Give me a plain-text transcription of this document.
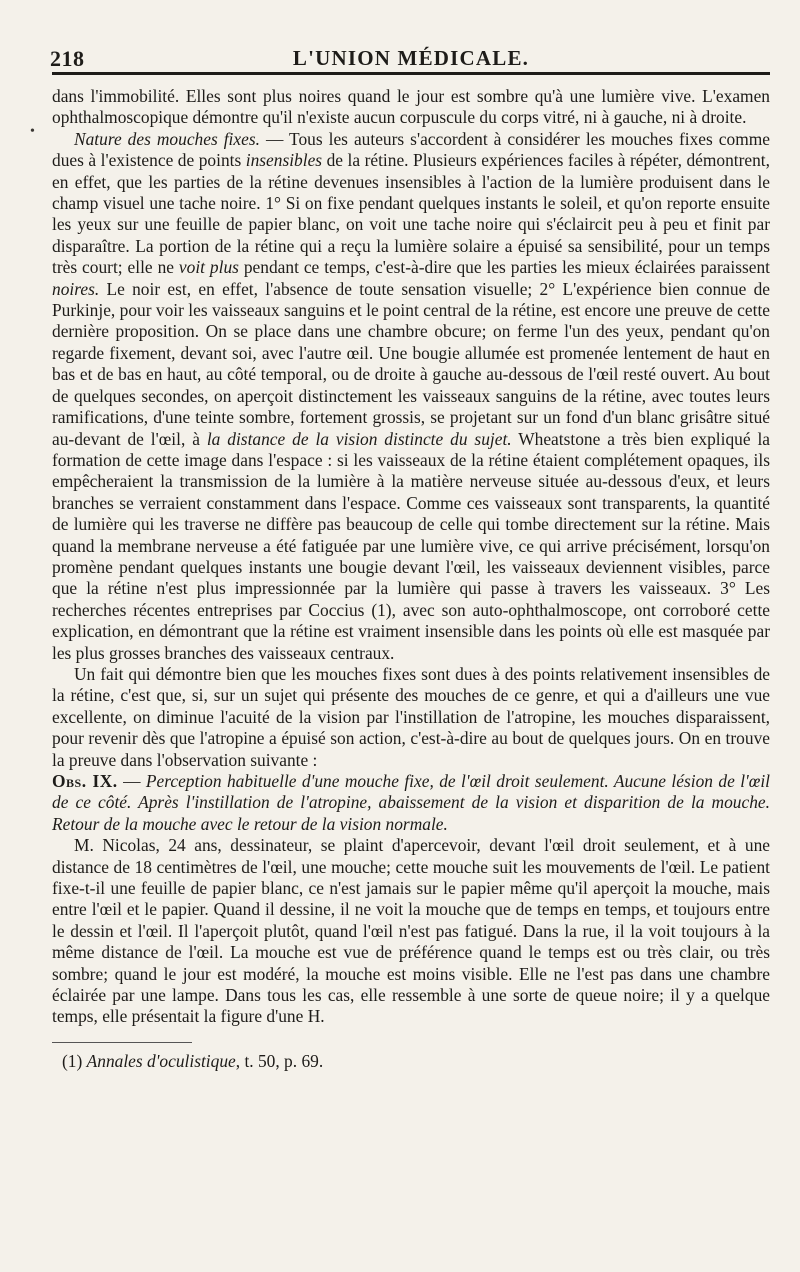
218	L'UNION MÉDICALE.
•

dans l'immobilité. Elles sont plus noires quand le jour est sombre qu'à une lumière vive. L'examen ophthalmoscopique démontre qu'il n'existe aucun corpuscule du corps vitré, ni à gauche, ni à droite.

Nature des mouches fixes. — Tous les auteurs s'accordent à considérer les mouches fixes comme dues à l'existence de points insensibles de la rétine. Plusieurs expériences faciles à répéter, démontrent, en effet, que les parties de la rétine devenues insensibles à l'action de la lumière produisent dans le champ visuel une tache noire. 1° Si on fixe pendant quelques instants le soleil, et qu'on reporte ensuite les yeux sur une feuille de papier blanc, on voit une tache noire qui s'éclaircit peu à peu et finit par disparaître. La portion de la rétine qui a reçu la lumière solaire a épuisé sa sensibilité, pour un temps très court; elle ne voit plus pendant ce temps, c'est-à-dire que les parties les mieux éclairées paraissent noires. Le noir est, en effet, l'absence de toute sensation visuelle; 2° L'expérience bien connue de Purkinje, pour voir les vaisseaux sanguins et le point central de la rétine, est encore une preuve de cette dernière proposition. On se place dans une chambre obcure; on ferme l'un des yeux, pendant qu'on regarde fixement, devant soi, avec l'autre œil. Une bougie allumée est promenée lentement de haut en bas et de bas en haut, au côté temporal, ou de droite à gauche au-dessous de l'œil resté ouvert. Au bout de quelques secondes, on aperçoit distinctement les vaisseaux sanguins de la rétine, avec toutes leurs ramifications, d'une teinte sombre, fortement grossis, se projetant sur un fond d'un blanc grisâtre situé au-devant de l'œil, à la distance de la vision distincte du sujet. Wheatstone a très bien expliqué la formation de cette image dans l'espace : si les vaisseaux de la rétine étaient complétement opaques, ils empêcheraient la transmission de la lumière à la matière nerveuse située au-dessous d'eux, et leurs branches se verraient constamment dans l'espace. Comme ces vaisseaux sont transparents, la quantité de lumière qui les traverse ne diffère pas beaucoup de celle qui tombe directement sur la rétine. Mais quand la membrane nerveuse a été fatiguée par une lumière vive, ce qui arrive précisément, lorsqu'on promène pendant quelques instants une bougie devant l'œil, les vaisseaux deviennent visibles, parce que la rétine n'est plus impressionnée par la lumière qui passe à travers les vaisseaux. 3° Les recherches récentes entreprises par Coccius (1), avec son auto-ophthalmoscope, ont corroboré cette explication, en démontrant que la rétine est vraiment insensible dans les points où elle est masquée par les plus grosses branches des vaisseaux centraux.

Un fait qui démontre bien que les mouches fixes sont dues à des points relativement insensibles de la rétine, c'est que, si, sur un sujet qui présente des mouches de ce genre, et qui a d'ailleurs une vue excellente, on diminue l'acuité de la vision par l'instillation de l'atropine, les mouches disparaissent, pour revenir dès que l'atropine a épuisé son action, c'est-à-dire au bout de quelques jours. On en trouve la preuve dans l'observation suivante :

Obs. IX. — Perception habituelle d'une mouche fixe, de l'œil droit seulement. Aucune lésion de l'œil de ce côté. Après l'instillation de l'atropine, abaissement de la vision et disparition de la mouche. Retour de la mouche avec le retour de la vision normale.

M. Nicolas, 24 ans, dessinateur, se plaint d'apercevoir, devant l'œil droit seulement, et à une distance de 18 centimètres de l'œil, une mouche; cette mouche suit les mouvements de l'œil. Le patient fixe-t-il une feuille de papier blanc, ce n'est jamais sur le papier même qu'il aperçoit la mouche, mais entre l'œil et le papier. Quand il dessine, il ne voit la mouche que de temps en temps, et toujours entre le dessin et l'œil. Il l'aperçoit plutôt, quand l'œil n'est pas fatigué. Dans la rue, il la voit toujours à la même distance de l'œil. La mouche est vue de préférence quand le temps est ou très clair, ou très sombre; quand le jour est modéré, la mouche est moins visible. Elle ne l'est pas dans une chambre éclairée par une lampe. Dans tous les cas, elle ressemble à une sorte de queue noire; il y a quelque temps, elle présentait la figure d'une H.

(1) Annales d'oculistique, t. 50, p. 69.
